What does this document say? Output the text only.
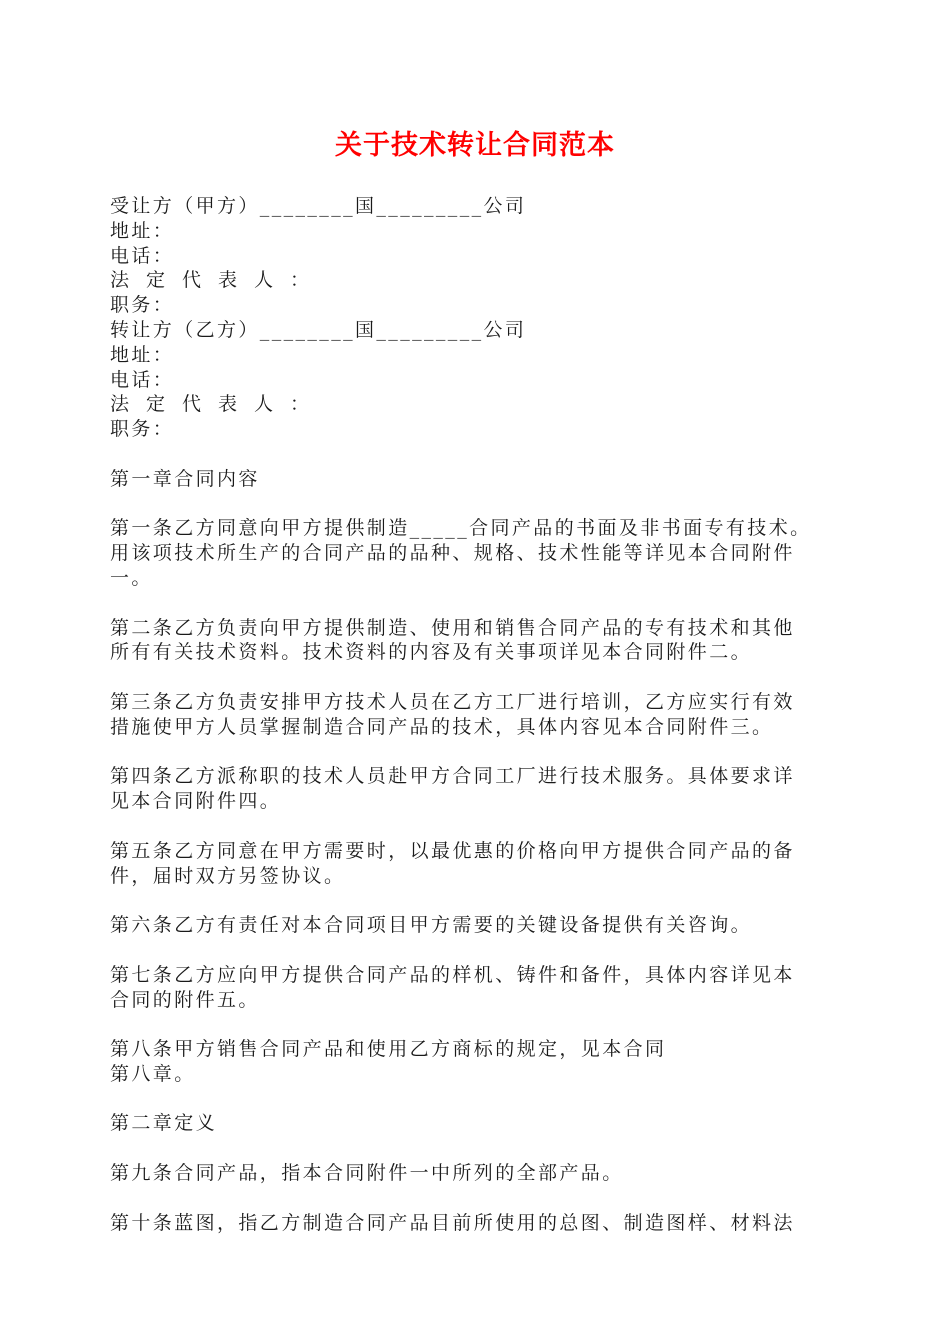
关于技术转让合同范本
受让方（甲方）________国_________公司
地址：
电话：
法定代表人：
职务：
转让方（乙方）________国_________公司
地址：
电话：
法定代表人：
职务：
第一章合同内容
第一条乙方同意向甲方提供制造_____合同产品的书面及非书面专有技术。
用该项技术所生产的合同产品的品种、规格、技术性能等详见本合同附件
一。
第二条乙方负责向甲方提供制造、使用和销售合同产品的专有技术和其他
所有有关技术资料。技术资料的内容及有关事项详见本合同附件二。
第三条乙方负责安排甲方技术人员在乙方工厂进行培训，乙方应实行有效
措施使甲方人员掌握制造合同产品的技术，具体内容见本合同附件三。
第四条乙方派称职的技术人员赴甲方合同工厂进行技术服务。具体要求详
见本合同附件四。
第五条乙方同意在甲方需要时，以最优惠的价格向甲方提供合同产品的备
件，届时双方另签协议。
第六条乙方有责任对本合同项目甲方需要的关键设备提供有关咨询。
第七条乙方应向甲方提供合同产品的样机、铸件和备件，具体内容详见本
合同的附件五。
第八条甲方销售合同产品和使用乙方商标的规定，见本合同
第八章。
第二章定义
第九条合同产品，指本合同附件一中所列的全部产品。
第十条蓝图，指乙方制造合同产品目前所使用的总图、制造图样、材料法
